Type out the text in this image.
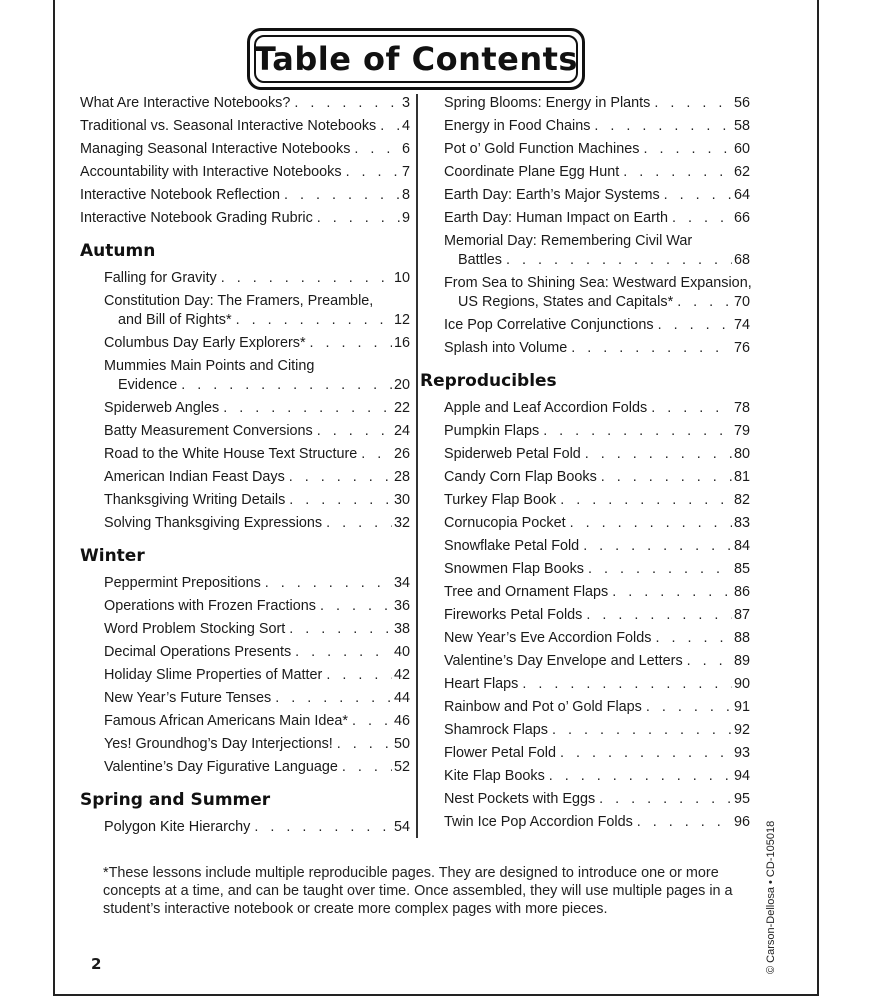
Table of Contents
What Are Interactive Notebooks? . . .	3
Traditional vs. Seasonal Interactive Notebooks . . . 4
Managing Seasonal Interactive Notebooks . . .	6
Accountability with Interactive Notebooks . . .	7
Interactive Notebook Reflection . . .	8
Interactive Notebook Grading Rubric . . .	9
Autumn
Falling for Gravity . . .	10
Constitution Day: The Framers, Preamble,
and Bill of Rights* . . .	12
Columbus Day Early Explorers* . . .	16
Mummies Main Points and Citing
Evidence . . .	20
Spiderweb Angles . . .	22
Batty Measurement Conversions . . .	24
Road to the White House Text Structure . . .	26
American Indian Feast Days . . .	28
Thanksgiving Writing Details . . .	30
Solving Thanksgiving Expressions . . .	32
Winter
Peppermint Prepositions . . .	34
Operations with Frozen Fractions . . .	36
Word Problem Stocking Sort . . .	38
Decimal Operations Presents . . .	40
Holiday Slime Properties of Matter . . .	42
New Year’s Future Tenses . . .	44
Famous African Americans Main Idea* . . .	46
Yes! Groundhog’s Day Interjections! . . .	50
Valentine’s Day Figurative Language . . .	52
Spring and Summer
Polygon Kite Hierarchy . . .	54
Spring Blooms: Energy in Plants . . .	56
Energy in Food Chains . . .	58
Pot o’ Gold Function Machines . . .	60
Coordinate Plane Egg Hunt . . .	62
Earth Day: Earth’s Major Systems . . .	64
Earth Day: Human Impact on Earth . . .	66
Memorial Day: Remembering Civil War
Battles . . .	68
From Sea to Shining Sea: Westward Expansion,
US Regions, States and Capitals* . . .	70
Ice Pop Correlative Conjunctions . . .	74
Splash into Volume . . .	76
Reproducibles
Apple and Leaf Accordion Folds . . .	78
Pumpkin Flaps . . .	79
Spiderweb Petal Fold . . .	80
Candy Corn Flap Books . . .	81
Turkey Flap Book . . .	82
Cornucopia Pocket . . .	83
Snowflake Petal Fold . . .	84
Snowmen Flap Books . . .	85
Tree and Ornament Flaps . . .	86
Fireworks Petal Folds . . .	87
New Year’s Eve Accordion Folds . . .	88
Valentine’s Day Envelope and Letters . . .	89
Heart Flaps . . .	90
Rainbow and Pot o’ Gold Flaps . . .	91
Shamrock Flaps . . .	92
Flower Petal Fold . . .	93
Kite Flap Books . . .	94
Nest Pockets with Eggs . . .	95
Twin Ice Pop Accordion Folds . . .	96
*These lessons include multiple reproducible pages. They are designed to introduce one or more concepts at a time, and can be taught over time. Once assembled, they will use multiple pages in a student’s interactive notebook or create more complex pages with more pieces.
2	© Carson-Dellosa • CD-105018
